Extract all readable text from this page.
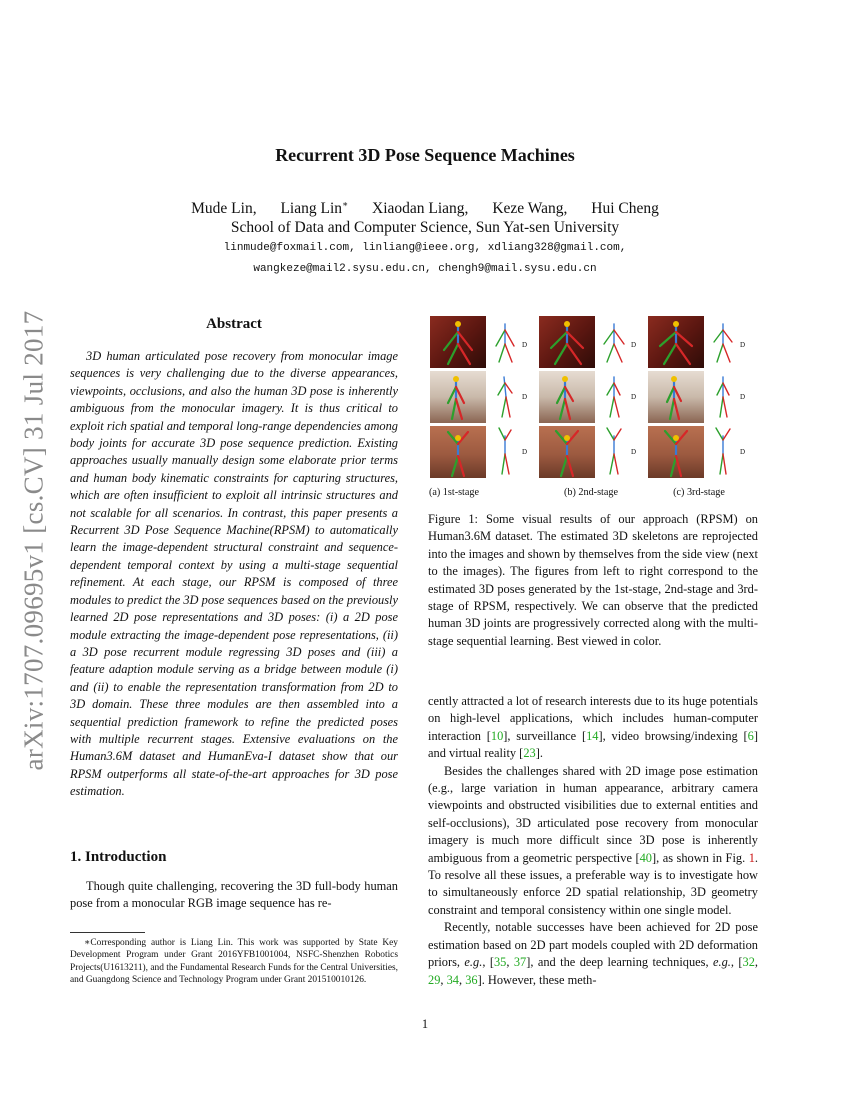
arXiv:1707.09695v1 [cs.CV] 31 Jul 2017
Recurrent 3D Pose Sequence Machines
Mude Lin, Liang Lin∗ Xiaodan Liang, Keze Wang, Hui Cheng
School of Data and Computer Science, Sun Yat-sen University
linmude@foxmail.com, linliang@ieee.org, xdliang328@gmail.com,
wangkeze@mail2.sysu.edu.cn, chengh9@mail.sysu.edu.cn
Abstract
3D human articulated pose recovery from monocular image sequences is very challenging due to the diverse appearances, viewpoints, occlusions, and also the human 3D pose is inherently ambiguous from the monocular imagery. It is thus critical to exploit rich spatial and temporal long-range dependencies among body joints for accurate 3D pose sequence prediction. Existing approaches usually manually design some elaborate prior terms and human body kinematic constraints for capturing structures, which are often insufficient to exploit all intrinsic structures and not scalable for all scenarios. In contrast, this paper presents a Recurrent 3D Pose Sequence Machine(RPSM) to automatically learn the image-dependent structural constraint and sequence-dependent temporal context by using a multi-stage sequential refinement. At each stage, our RPSM is composed of three modules to predict the 3D pose sequences based on the previously learned 2D pose representations and 3D poses: (i) a 2D pose module extracting the image-dependent pose representations, (ii) a 3D pose recurrent module regressing 3D poses and (iii) a feature adaption module serving as a bridge between module (i) and (ii) to enable the representation transformation from 2D to 3D domain. These three modules are then assembled into a sequential prediction framework to refine the predicted poses with multiple recurrent stages. Extensive evaluations on the Human3.6M dataset and HumanEva-I dataset show that our RPSM outperforms all state-of-the-art approaches for 3D pose estimation.
1. Introduction
Though quite challenging, recovering the 3D full-body human pose from a monocular RGB image sequence has re-
∗Corresponding author is Liang Lin. This work was supported by State Key Development Program under Grant 2016YFB1001004, NSFC-Shenzhen Robotics Projects(U1613211), and the Fundamental Research Funds for the Central Universities, and Guangdong Science and Technology Program under Grant 201510010126.
D
D
D
D
D
D
D
D
D
(a) 1st-stage	(b) 2nd-stage	(c) 3rd-stage
Figure 1: Some visual results of our approach (RPSM) on Human3.6M dataset. The estimated 3D skeletons are reprojected into the images and shown by themselves from the side view (next to the images). The figures from left to right correspond to the estimated 3D poses generated by the 1st-stage, 2nd-stage and 3rd-stage of RPSM, respectively. We can observe that the predicted human 3D joints are progressively corrected along with the multi-stage sequential learning. Best viewed in color.

cently attracted a lot of research interests due to its huge potentials on high-level applications, which includes human-computer interaction [10], surveillance [14], video browsing/indexing [6] and virtual reality [23].

Besides the challenges shared with 2D image pose estimation (e.g., large variation in human appearance, arbitrary camera viewpoints and obstructed visibilities due to external entities and self-occlusions), 3D articulated pose recovery from monocular imagery is much more difficult since 3D pose is inherently ambiguous from a geometric perspective [40], as shown in Fig. 1. To resolve all these issues, a preferable way is to investigate how to simultaneously enforce 2D spatial relationship, 3D geometry constraint and temporal consistency within one single model.

Recently, notable successes have been achieved for 2D pose estimation based on 2D part models coupled with 2D deformation priors, e.g., [35, 37], and the deep learning techniques, e.g., [32, 29, 34, 36]. However, these meth-

1
